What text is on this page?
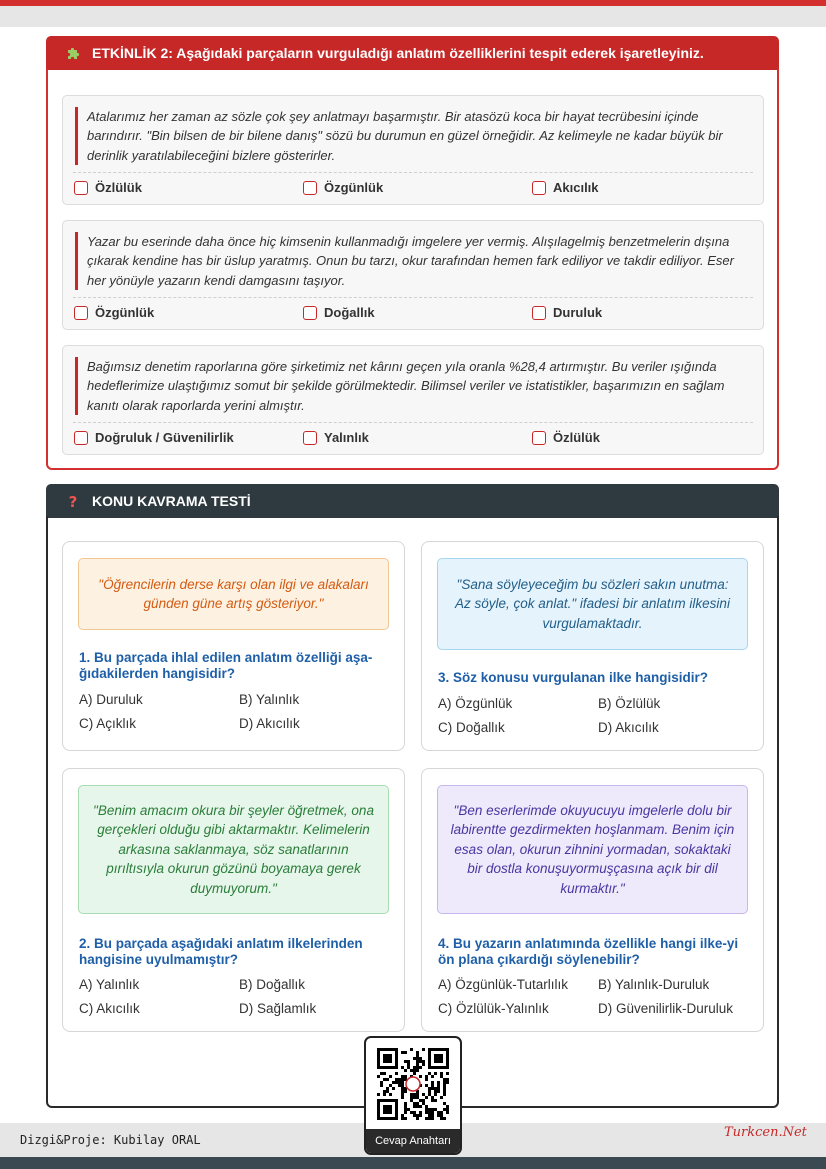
ETKİNLİK 2: Aşağıdaki parçaların vurguladığı anlatım özelliklerini tespit ederek işaretleyiniz.
Atalarımız her zaman az sözle çok şey anlatmayı başarmıştır. Bir atasözü koca bir hayat tecrübesini içinde barındırır. "Bin bilsen de bir bilene danış" sözü bu durumun en güzel örneğidir. Az kelimeyle ne kadar büyük bir derinlik yaratılabileceğini bizlere gösterirler.
Özlülük	Özgünlük	Akıcılık
Yazar bu eserinde daha önce hiç kimsenin kullanmadığı imgelere yer vermiş. Alışılagelmiş benzetmelerin dışına çıkarak kendine has bir üslup yaratmış. Onun bu tarzı, okur tarafından hemen fark ediliyor ve takdir ediliyor. Eser her yönüyle yazarın kendi damgasını taşıyor.
Özgünlük	Doğallık	Duruluk
Bağımsız denetim raporlarına göre şirketimiz net kârını geçen yıla oranla %28,4 artırmıştır. Bu veriler ışığında hedeflerimize ulaştığımız somut bir şekilde görülmektedir. Bilimsel veriler ve istatistikler, başarımızın en sağlam kanıtı olarak raporlarda yerini almıştır.
Doğruluk / Güvenilirlik	Yalınlık	Özlülük
? KONU KAVRAMA TESTİ
"Öğrencilerin derse karşı olan ilgi ve alakaları günden güne artış gösteriyor."
1. Bu parçada ihlal edilen anlatım özelliği aşa-ğıdakilerden hangisidir?
A) Duruluk	B) Yalınlık
C) Açıklık	D) Akıcılık
"Sana söyleyeceğim bu sözleri sakın unutma: Az söyle, çok anlat." ifadesi bir anlatım ilkesini vurgulamaktadır.
3. Söz konusu vurgulanan ilke hangisidir?
A) Özgünlük	B) Özlülük
C) Doğallık	D) Akıcılık
"Benim amacım okura bir şeyler öğretmek, ona gerçekleri olduğu gibi aktarmaktır. Kelimelerin arkasına saklanmaya, söz sanatlarının pırıltısıyla okurun gözünü boyamaya gerek duymuyorum."
2. Bu parçada aşağıdaki anlatım ilkelerinden hangisine uyulmamıştır?
A) Yalınlık	B) Doğallık
C) Akıcılık	D) Sağlamlık
"Ben eserlerimde okuyucuyu imgelerle dolu bir labirentte gezdirmekten hoşlanmam. Benim için esas olan, okurun zihnini yormadan, sokaktaki bir dostla konuşuyormuşçasına açık bir dil kurmaktır."
4. Bu yazarın anlatımında özellikle hangi ilke-yi ön plana çıkardığı söylenebilir?
A) Özgünlük-Tutarlılık B) Yalınlık-Duruluk
C) Özlülük-Yalınlık	D) Güvenilirlik-Duruluk
Dizgi&Proje: Kubilay ORAL	Turkcen.Net
Cevap Anahtarı
